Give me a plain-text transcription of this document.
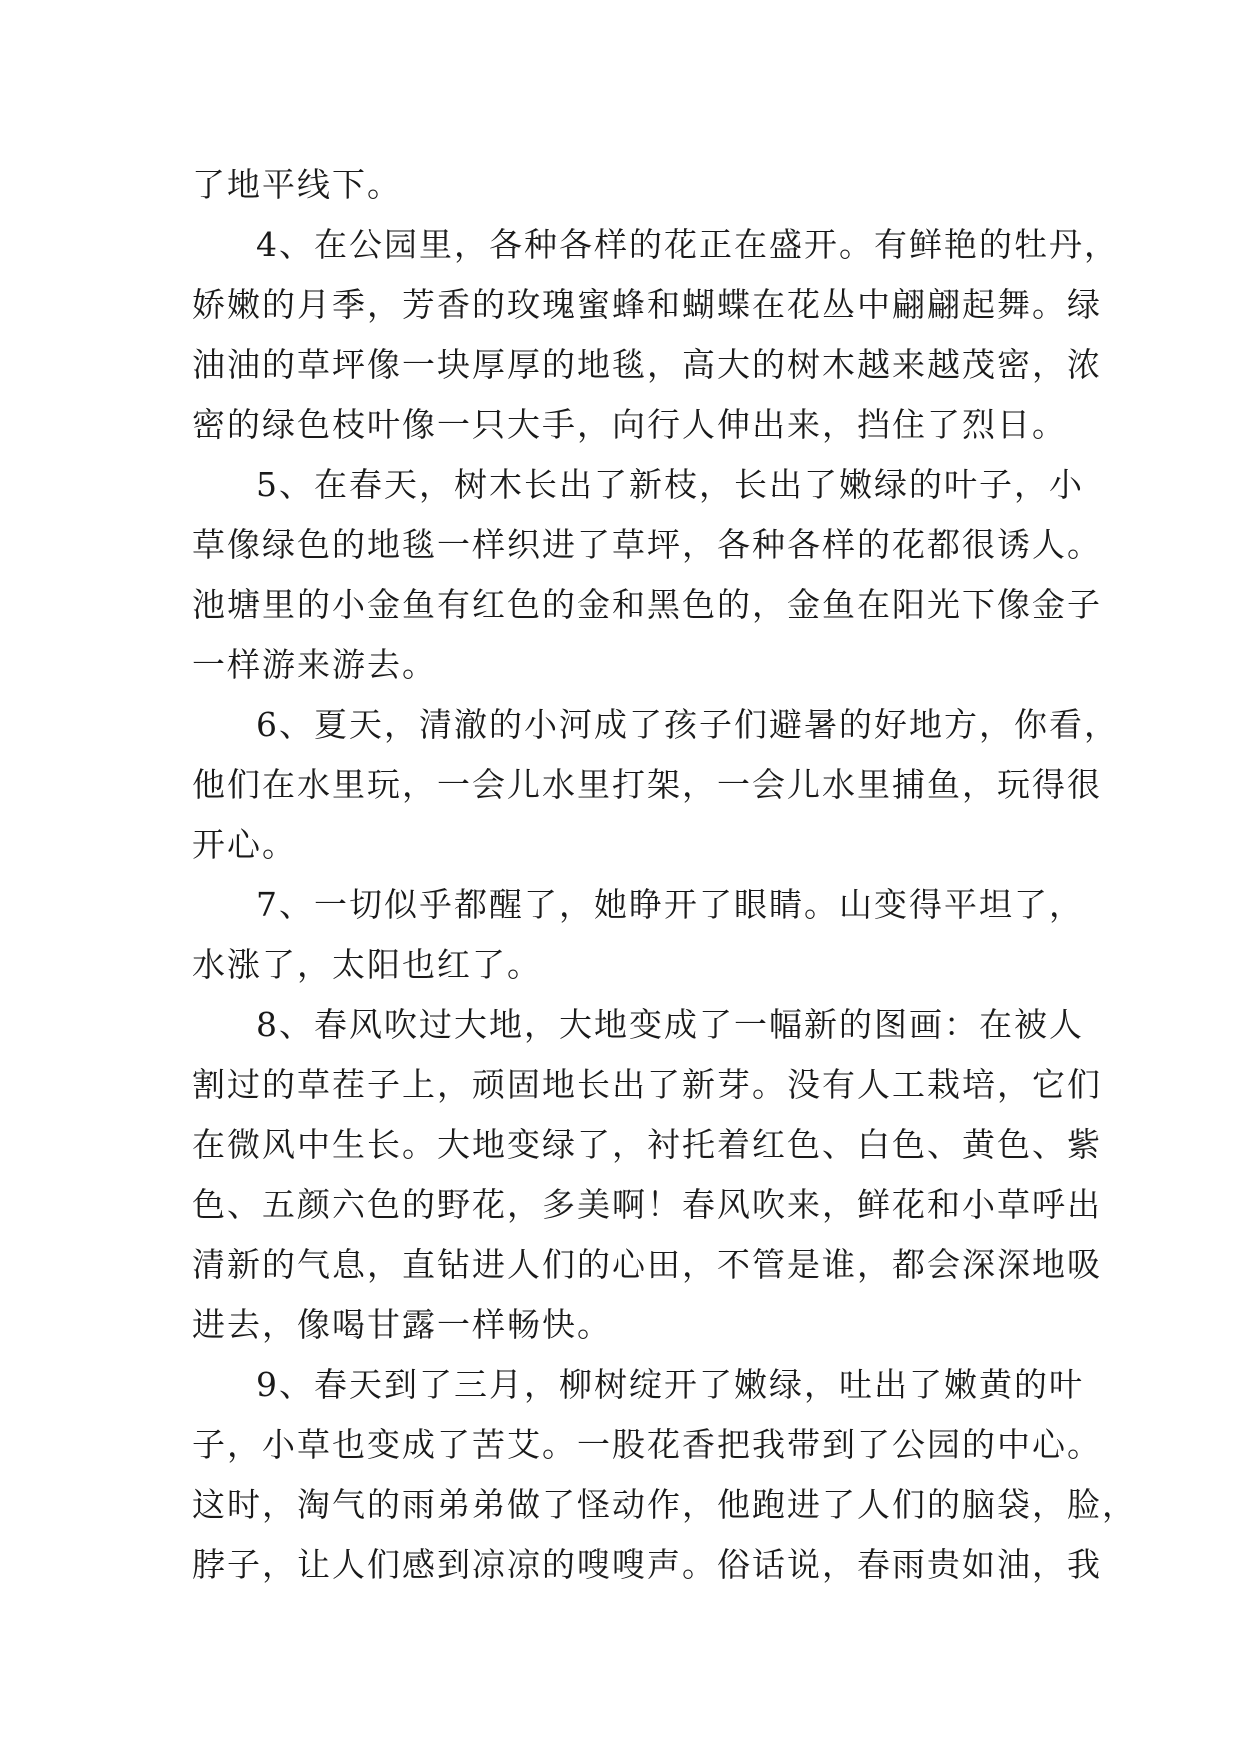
了地平线下。
4、在公园里，各种各样的花正在盛开。有鲜艳的牡丹，
娇嫩的月季，芳香的玫瑰蜜蜂和蝴蝶在花丛中翩翩起舞。绿
油油的草坪像一块厚厚的地毯，高大的树木越来越茂密，浓
密的绿色枝叶像一只大手，向行人伸出来，挡住了烈日。
5、在春天，树木长出了新枝，长出了嫩绿的叶子，小
草像绿色的地毯一样织进了草坪，各种各样的花都很诱人。
池塘里的小金鱼有红色的金和黑色的，金鱼在阳光下像金子
一样游来游去。
6、夏天，清澈的小河成了孩子们避暑的好地方，你看，
他们在水里玩，一会儿水里打架，一会儿水里捕鱼，玩得很
开心。
7、一切似乎都醒了，她睁开了眼睛。山变得平坦了，
水涨了，太阳也红了。
8、春风吹过大地，大地变成了一幅新的图画：在被人
割过的草茬子上，顽固地长出了新芽。没有人工栽培，它们
在微风中生长。大地变绿了，衬托着红色、白色、黄色、紫
色、五颜六色的野花，多美啊！春风吹来，鲜花和小草呼出
清新的气息，直钻进人们的心田，不管是谁，都会深深地吸
进去，像喝甘露一样畅快。
9、春天到了三月，柳树绽开了嫩绿，吐出了嫩黄的叶
子，小草也变成了苦艾。一股花香把我带到了公园的中心。
这时，淘气的雨弟弟做了怪动作，他跑进了人们的脑袋，脸，
脖子，让人们感到凉凉的嗖嗖声。俗话说，春雨贵如油，我
